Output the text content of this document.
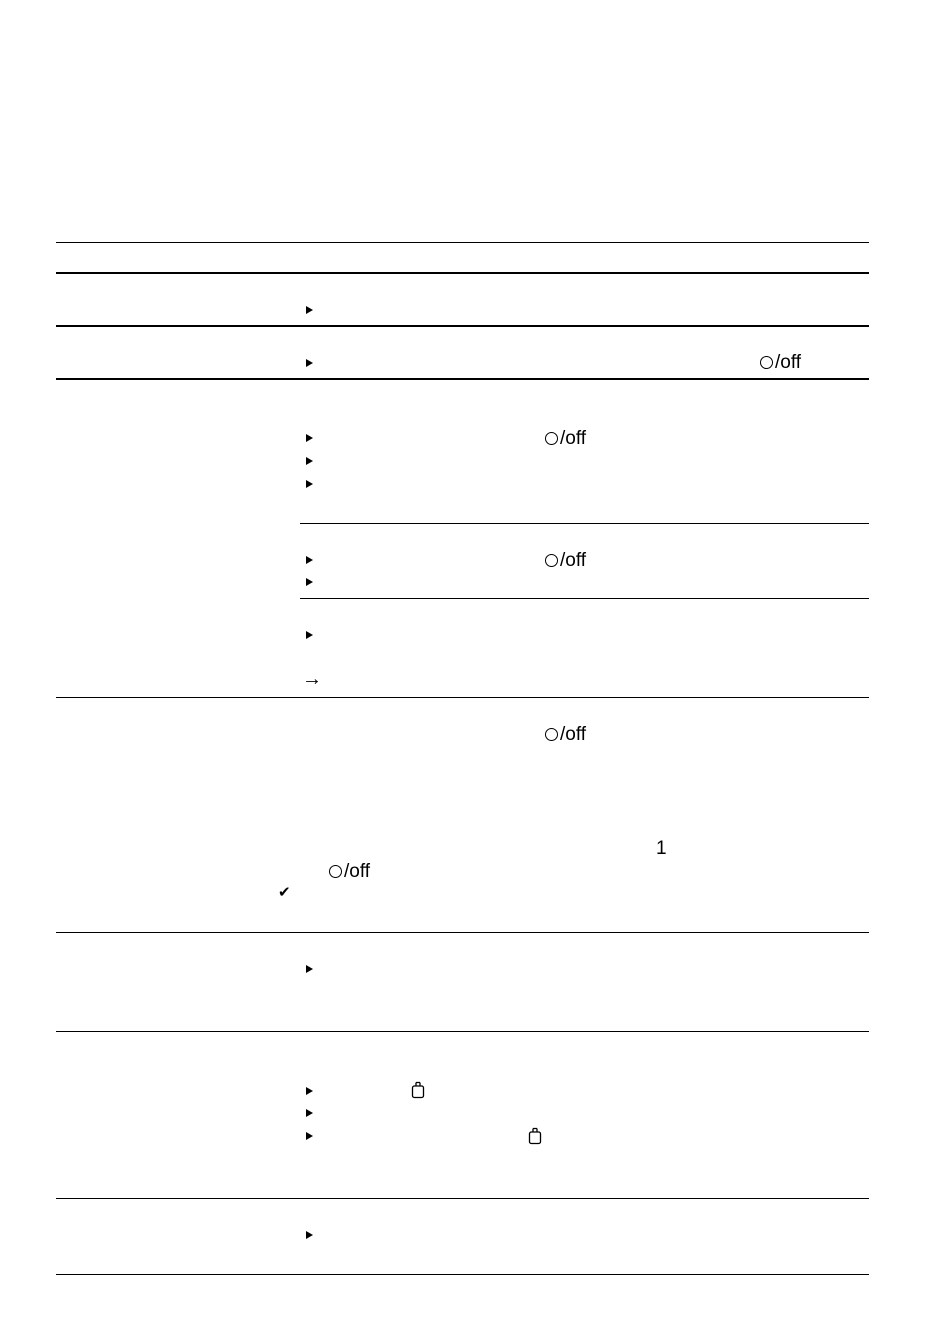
/off
/off
/off
/off
/off
1
→
✔
